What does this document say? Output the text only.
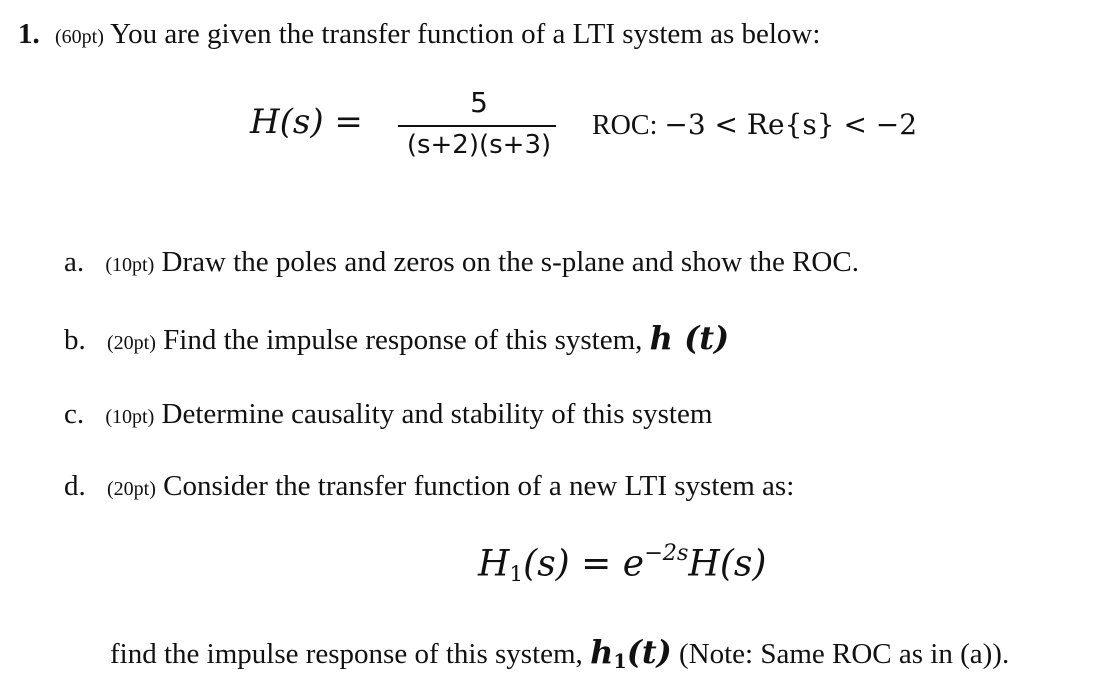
1. (60pt) You are given the transfer function of a LTI system as below:
H(s) =	5
(s+2)(s+3)
ROC: −3 < Re{s} < −2
a. (10pt) Draw the poles and zeros on the s-plane and show the ROC.
b. (20pt) Find the impulse response of this system, h (t)
c. (10pt) Determine causality and stability of this system
d. (20pt) Consider the transfer function of a new LTI system as:
$H_1(s) = e^{-2s}H(s)$
find the impulse response of this system, $h_1(t)$ (Note: Same ROC as in (a)).
